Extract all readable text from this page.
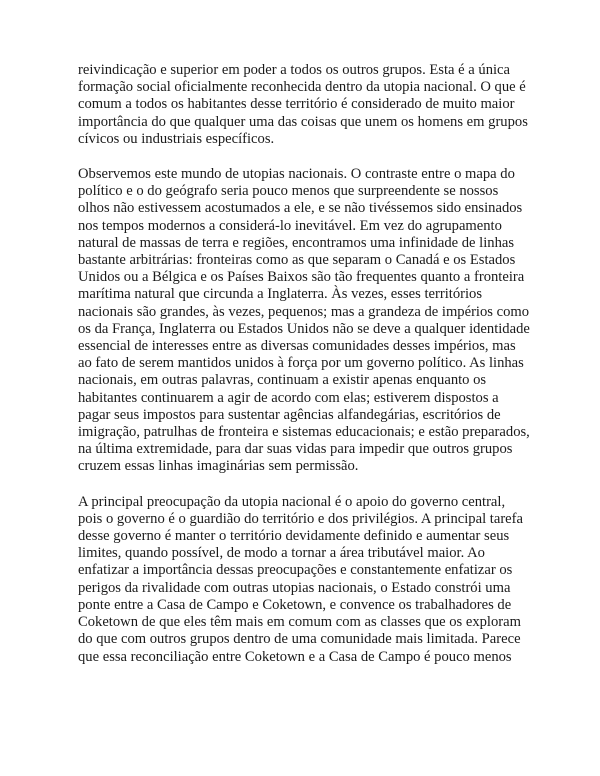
reivindicação e superior em poder a todos os outros grupos. Esta é a única formação social oficialmente reconhecida dentro da utopia nacional. O que é comum a todos os habitantes desse território é considerado de muito maior importância do que qualquer uma das coisas que unem os homens em grupos cívicos ou industriais específicos.

Observemos este mundo de utopias nacionais. O contraste entre o mapa do político e o do geógrafo seria pouco menos que surpreendente se nossos olhos não estivessem acostumados a ele, e se não tivéssemos sido ensinados nos tempos modernos a considerá-lo inevitável. Em vez do agrupamento natural de massas de terra e regiões, encontramos uma infinidade de linhas bastante arbitrárias: fronteiras como as que separam o Canadá e os Estados Unidos ou a Bélgica e os Países Baixos são tão frequentes quanto a fronteira marítima natural que circunda a Inglaterra. Às vezes, esses territórios nacionais são grandes, às vezes, pequenos; mas a grandeza de impérios como os da França, Inglaterra ou Estados Unidos não se deve a qualquer identidade essencial de interesses entre as diversas comunidades desses impérios, mas ao fato de serem mantidos unidos à força por um governo político. As linhas nacionais, em outras palavras, continuam a existir apenas enquanto os habitantes continuarem a agir de acordo com elas; estiverem dispostos a pagar seus impostos para sustentar agências alfandegárias, escritórios de imigração, patrulhas de fronteira e sistemas educacionais; e estão preparados, na última extremidade, para dar suas vidas para impedir que outros grupos cruzem essas linhas imaginárias sem permissão.

A principal preocupação da utopia nacional é o apoio do governo central, pois o governo é o guardião do território e dos privilégios. A principal tarefa desse governo é manter o território devidamente definido e aumentar seus limites, quando possível, de modo a tornar a área tributável maior. Ao enfatizar a importância dessas preocupações e constantemente enfatizar os perigos da rivalidade com outras utopias nacionais, o Estado constrói uma ponte entre a Casa de Campo e Coketown, e convence os trabalhadores de Coketown de que eles têm mais em comum com as classes que os exploram do que com outros grupos dentro de uma comunidade mais limitada. Parece que essa reconciliação entre Coketown e a Casa de Campo é pouco menos
